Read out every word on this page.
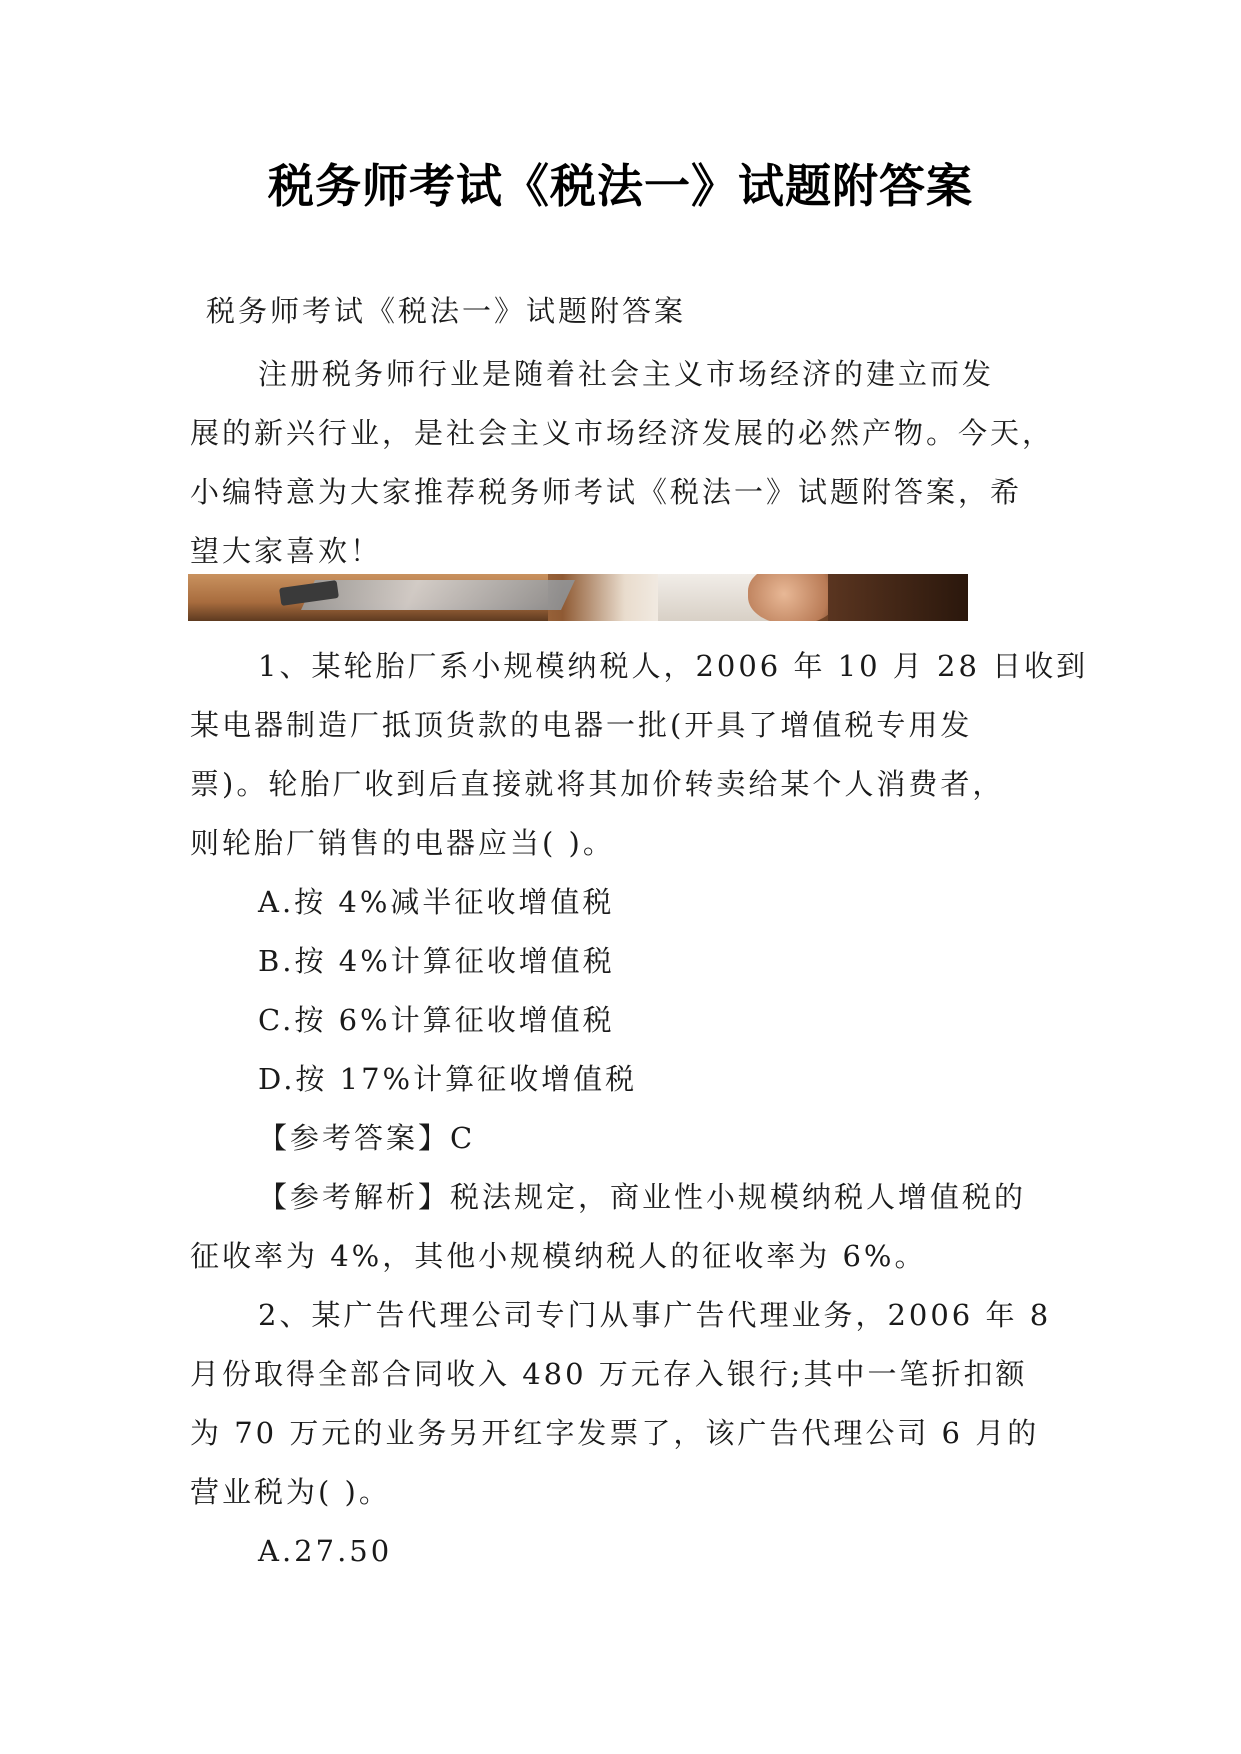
税务师考试《税法一》试题附答案
税务师考试《税法一》试题附答案
注册税务师行业是随着社会主义市场经济的建立而发
展的新兴行业，是社会主义市场经济发展的必然产物。今天，
小编特意为大家推荐税务师考试《税法一》试题附答案，希
望大家喜欢！
1、某轮胎厂系小规模纳税人，2006 年 10 月 28 日收到
某电器制造厂抵顶货款的电器一批(开具了增值税专用发
票)。轮胎厂收到后直接就将其加价转卖给某个人消费者，
则轮胎厂销售的电器应当( )。
A.按 4%减半征收增值税
B.按 4%计算征收增值税
C.按 6%计算征收增值税
D.按 17%计算征收增值税
【参考答案】C
【参考解析】税法规定，商业性小规模纳税人增值税的
征收率为 4%，其他小规模纳税人的征收率为 6%。
2、某广告代理公司专门从事广告代理业务，2006 年 8
月份取得全部合同收入 480 万元存入银行;其中一笔折扣额
为 70 万元的业务另开红字发票了，该广告代理公司 6 月的
营业税为( )。
A.27.50
